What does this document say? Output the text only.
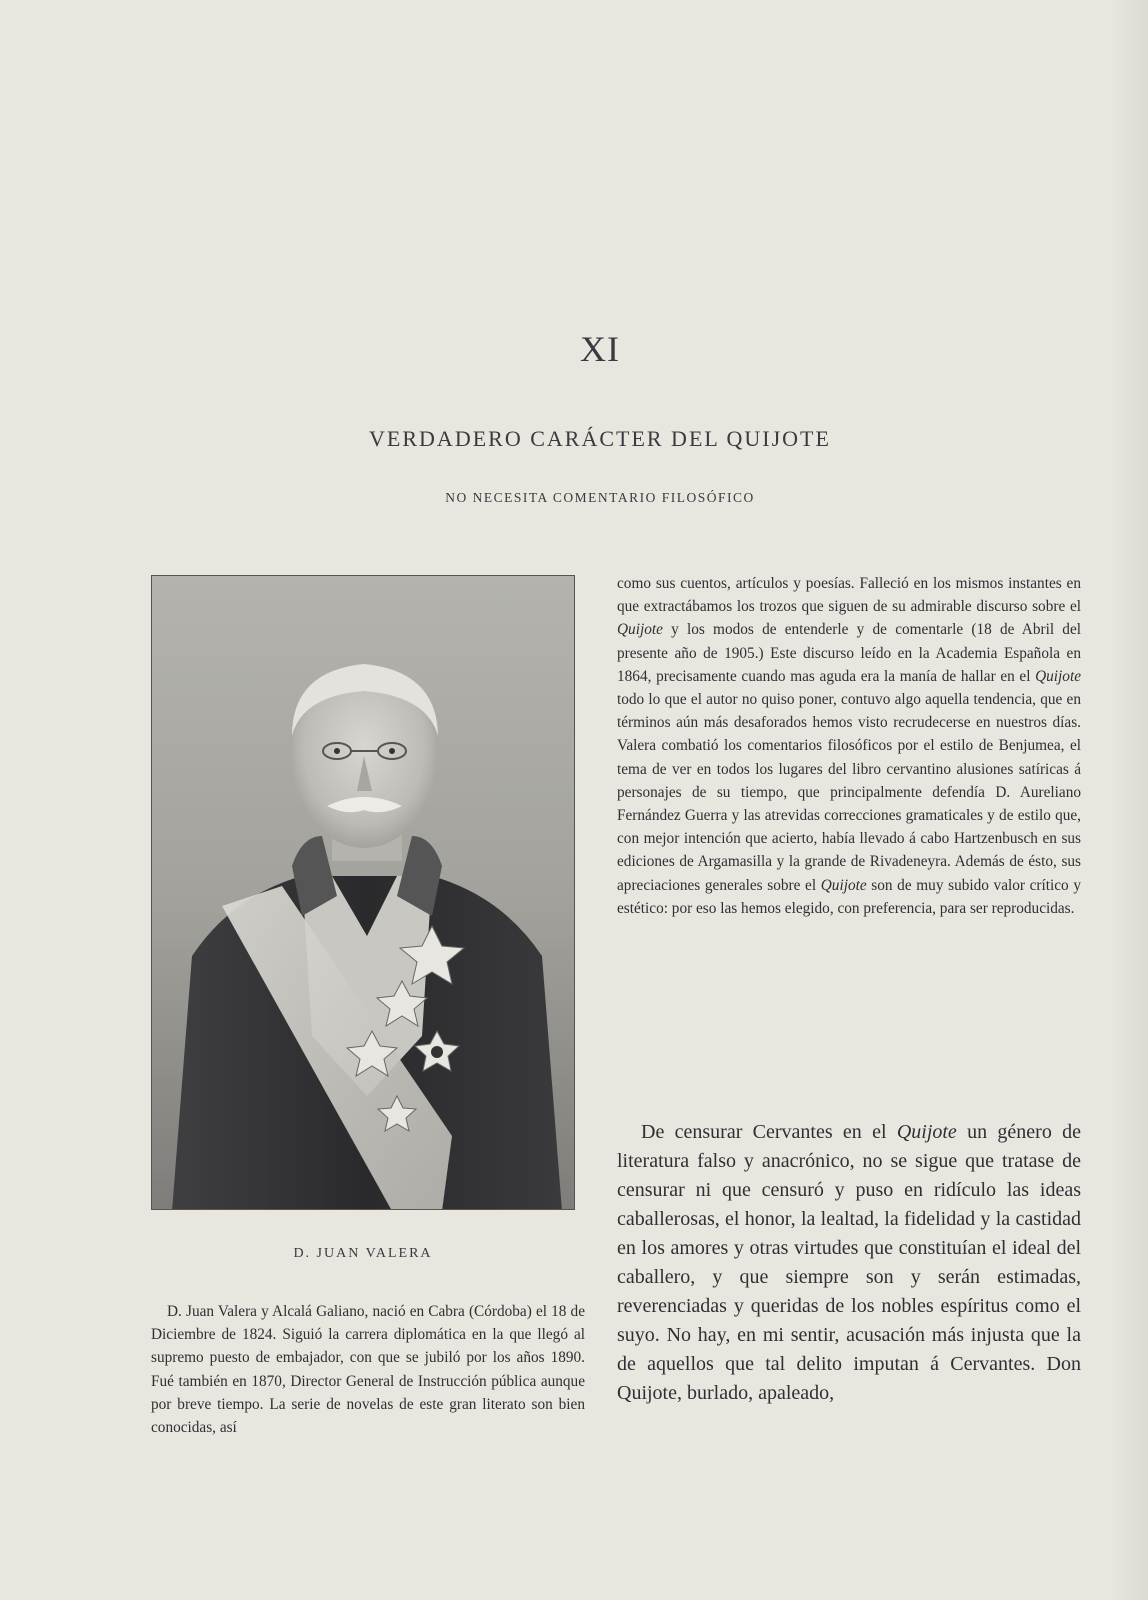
XI
VERDADERO CARÁCTER DEL QUIJOTE
NO NECESITA COMENTARIO FILOSÓFICO
D. JUAN VALERA

D. Juan Valera y Alcalá Galiano, nació en Cabra (Córdoba) el 18 de Diciembre de 1824. Siguió la carrera diplomática en la que llegó al supremo puesto de embajador, con que se jubiló por los años 1890. Fué también en 1870, Director General de Instrucción pública aunque por breve tiempo. La serie de novelas de este gran literato son bien conocidas, así

como sus cuentos, artículos y poesías. Falleció en los mismos instantes en que extractábamos los trozos que siguen de su admirable discurso sobre el Quijote y los modos de entenderle y de comentarle (18 de Abril del presente año de 1905.) Este discurso leído en la Academia Española en 1864, precisamente cuando mas aguda era la manía de hallar en el Quijote todo lo que el autor no quiso poner, contuvo algo aquella tendencia, que en términos aún más desaforados hemos visto recrudecerse en nuestros días. Valera combatió los comentarios filosóficos por el estilo de Benjumea, el tema de ver en todos los lugares del libro cervantino alusiones satíricas á personajes de su tiempo, que principalmente defendía D. Aureliano Fernández Guerra y las atrevidas correcciones gramaticales y de estilo que, con mejor intención que acierto, había llevado á cabo Hartzenbusch en sus ediciones de Argamasilla y la grande de Rivadeneyra. Además de ésto, sus apreciaciones generales sobre el Quijote son de muy subido valor crítico y estético: por eso las hemos elegido, con preferencia, para ser reproducidas.

De censurar Cervantes en el Quijote un género de literatura falso y anacrónico, no se sigue que tratase de censurar ni que censuró y puso en ridículo las ideas caballerosas, el honor, la lealtad, la fidelidad y la castidad en los amores y otras virtudes que constituían el ideal del caballero, y que siempre son y serán estimadas, reverenciadas y queridas de los nobles espíritus como el suyo. No hay, en mi sentir, acusación más injusta que la de aquellos que tal delito imputan á Cervantes. Don Quijote, burlado, apaleado,
